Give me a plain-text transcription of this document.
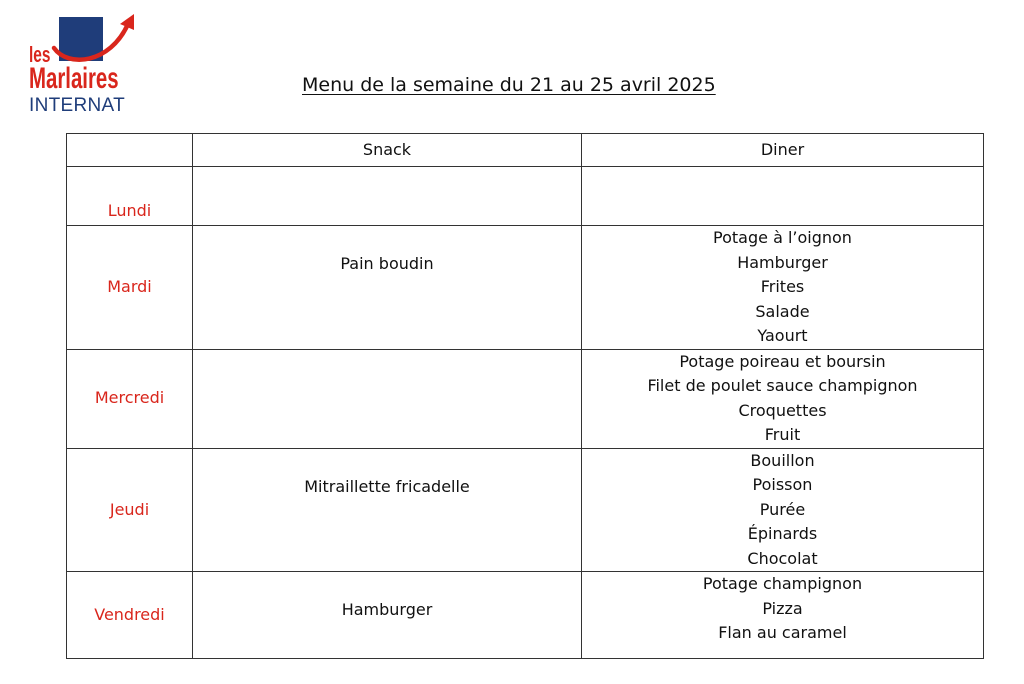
les
Marlaires
INTERNAT
Menu de la semaine du 21 au 25 avril 2025
	Snack	Diner

Lundi		

Mardi	Pain boudin	Potage à l’oignon
Hamburger
Frites
Salade
Yaourt

Mercredi		Potage poireau et boursin
Filet de poulet sauce champignon
Croquettes
Fruit

Jeudi	Mitraillette fricadelle	Bouillon
Poisson
Purée
Épinards
Chocolat

Vendredi	Hamburger	Potage champignon
Pizza
Flan au caramel
